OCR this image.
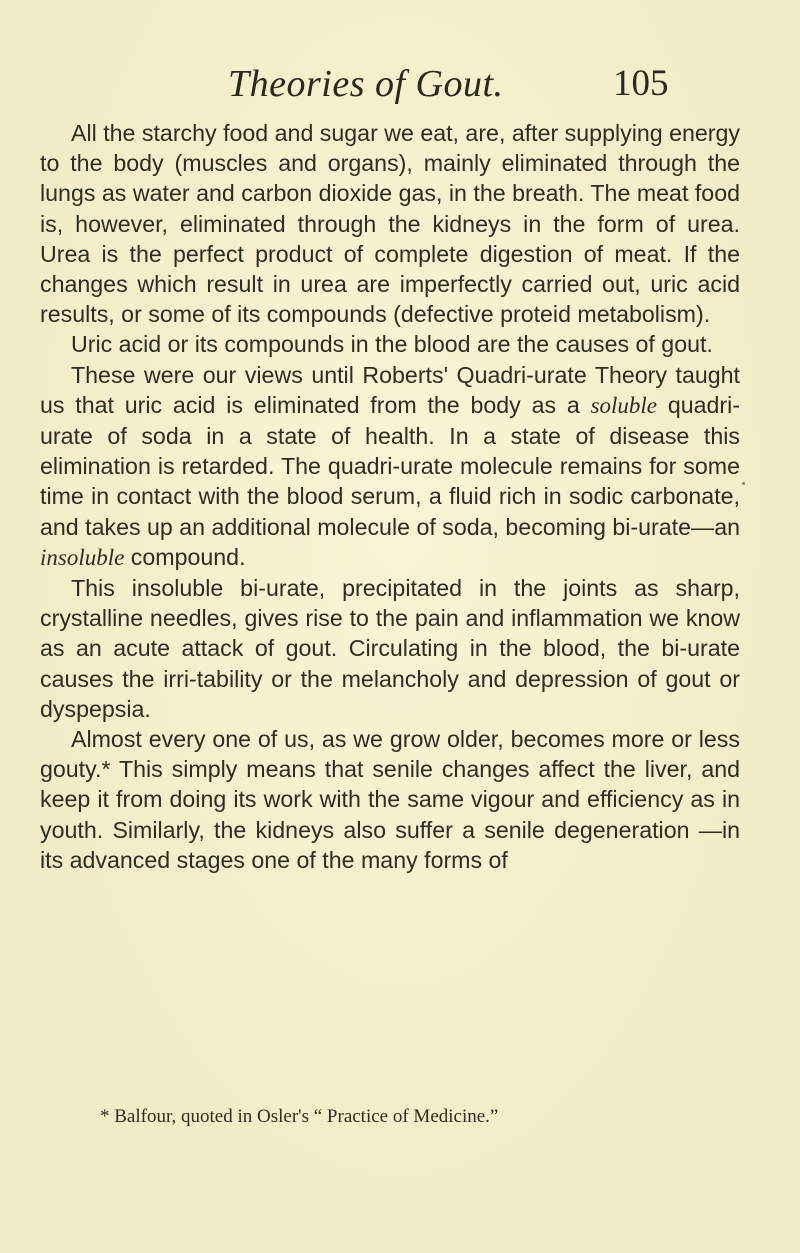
Theories of Gout.	105

All the starchy food and sugar we eat, are, after supplying energy to the body (muscles and organs), mainly eliminated through the lungs as water and carbon dioxide gas, in the breath. The meat food is, however, eliminated through the kidneys in the form of urea. Urea is the perfect product of complete digestion of meat. If the changes which result in urea are imperfectly carried out, uric acid results, or some of its compounds (defective proteid metabolism).

Uric acid or its compounds in the blood are the causes of gout.

These were our views until Roberts' Quadri-urate Theory taught us that uric acid is eliminated from the body as a soluble quadri-urate of soda in a state of health. In a state of disease this elimination is retarded. The quadri-urate molecule remains for some time in contact with the blood serum, a fluid rich in sodic carbonate, and takes up an additional molecule of soda, becoming bi-urate—an insoluble compound.

This insoluble bi-urate, precipitated in the joints as sharp, crystalline needles, gives rise to the pain and inflammation we know as an acute attack of gout. Circulating in the blood, the bi-urate causes the irri-tability or the melancholy and depression of gout or dyspepsia.

Almost every one of us, as we grow older, becomes more or less gouty.* This simply means that senile changes affect the liver, and keep it from doing its work with the same vigour and efficiency as in youth. Similarly, the kidneys also suffer a senile degeneration —in its advanced stages one of the many forms of

* Balfour, quoted in Osler's “ Practice of Medicine.”
